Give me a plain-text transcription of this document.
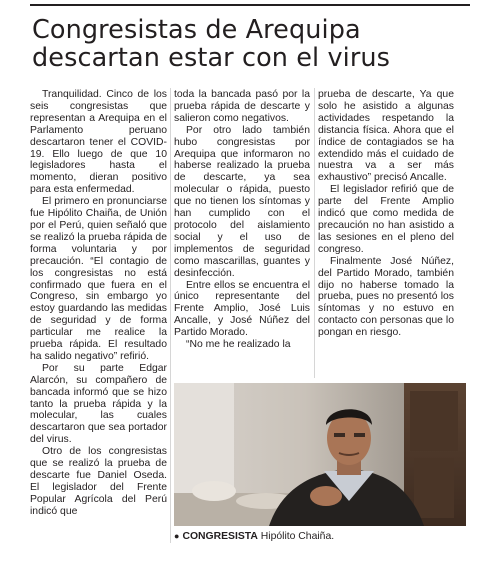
Congresistas de Arequipa descartan estar con el virus

Tranquilidad. Cinco de los seis congresistas que representan a Arequipa en el Parlamento peruano descartaron tener el COVID-19. Ello luego de que 10 legisladores hasta el momento, dieran positivo para esta enfermedad.

El primero en pronunciarse fue Hipólito Chaiña, de Unión por el Perú, quien señaló que se realizó la prueba rápida de forma voluntaria y por precaución. “El contagio de los congresistas no está confirmado que fuera en el Congreso, sin embargo yo estoy guardando las medidas de seguridad y de forma particular me realice la prueba rápida. El resultado ha salido negativo” refirió.

Por su parte Edgar Alarcón, su compañero de bancada informó que se hizo tanto la prueba rápida y la molecular, las cuales descartaron que sea portador del virus.

Otro de los congresistas que se realizó la prueba de descarte fue Daniel Oseda. El legislador del Frente Popular Agrícola del Perú indicó que

toda la bancada pasó por la prueba rápida de descarte y salieron como negativos.

Por otro lado también hubo congresistas por Arequipa que informaron no haberse realizado la prueba de descarte, ya sea molecular o rápida, puesto que no tienen los síntomas y han cumplido con el protocolo del aislamiento social y el uso de implementos de seguridad como mascarillas, guantes y desinfección.

Entre ellos se encuentra el único representante del Frente Amplio, José Luis Ancalle, y José Núñez del Partido Morado.

“No me he realizado la

prueba de descarte, Ya que solo he asistido a algunas actividades respetando la distancia física. Ahora que el índice de contagiados se ha extendido más el cuidado de nuestra va a ser más exhaustivo” precisó Ancalle.

El legislador refirió que de parte del Frente Amplio indicó que como medida de precaución no han asistido a las sesiones en el pleno del congreso.

Finalmente José Núñez, del Partido Morado, también dijo no haberse tomado la prueba, pues no presentó los síntomas y no estuvo en contacto con personas que lo pongan en riesgo.

● CONGRESISTA Hipólito Chaiña.
